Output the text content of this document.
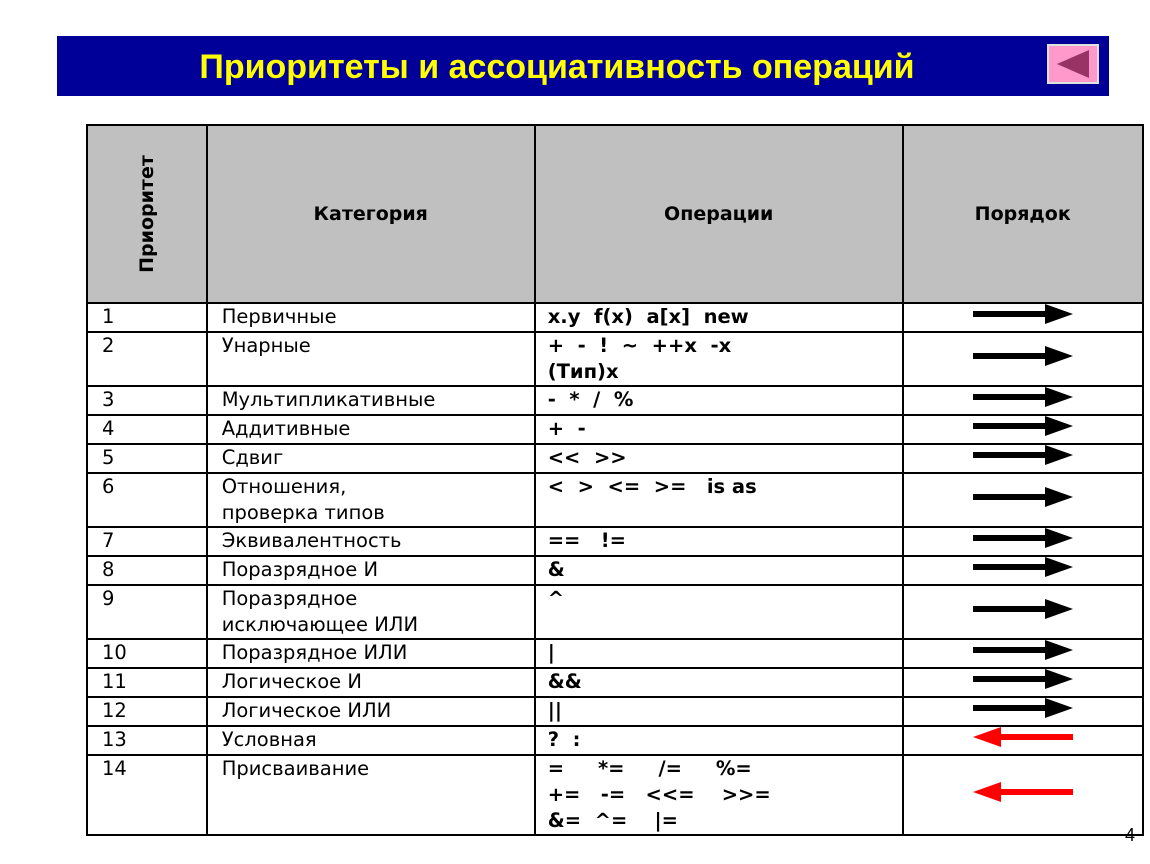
Приоритеты и ассоциативность операций
Приоритет	Категория	Операции	Порядок
1	Первичные	x.y  f(x)  a[x]  new	
2	Унарные	+  -  !  ~  ++x  -x
(Тип)x	
3	Мультипликативные	-  *  /  %	
4	Аддитивные	+  -	
5	Сдвиг	<<  >>	
6	Отношения,
проверка типов	<  >  <=  >=   is as	
7	Эквивалентность	==   !=	
8	Поразрядное И	&	
9	Поразрядное
исключающее ИЛИ	^	
10	Поразрядное ИЛИ	|	
11	Логическое И	&&	
12	Логическое ИЛИ	||	
13	Условная	?  :	
14	Присваивание	=     *=     /=     %=
+=   -=   <<=    >>=
&=  ^=    |=	
4
